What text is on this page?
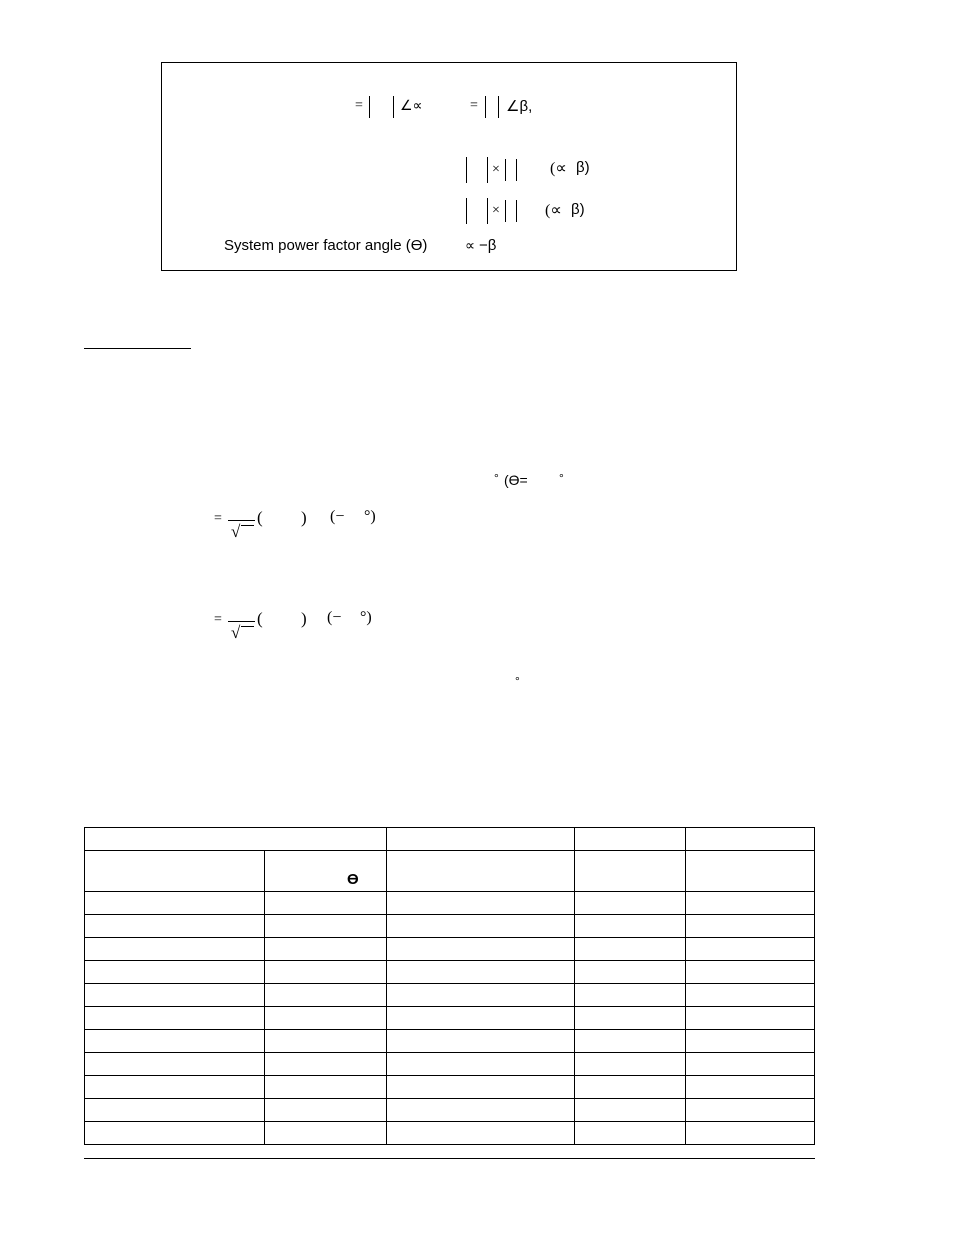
=	∠∝	= ∠β,
×	(∝ β)
×	(∝ β)
System power factor angle (ϴ)	∝ −β
° (ϴ=	°
=
√
( ) (− °)
=
√
( ) (− °)
°

	ϴ			
